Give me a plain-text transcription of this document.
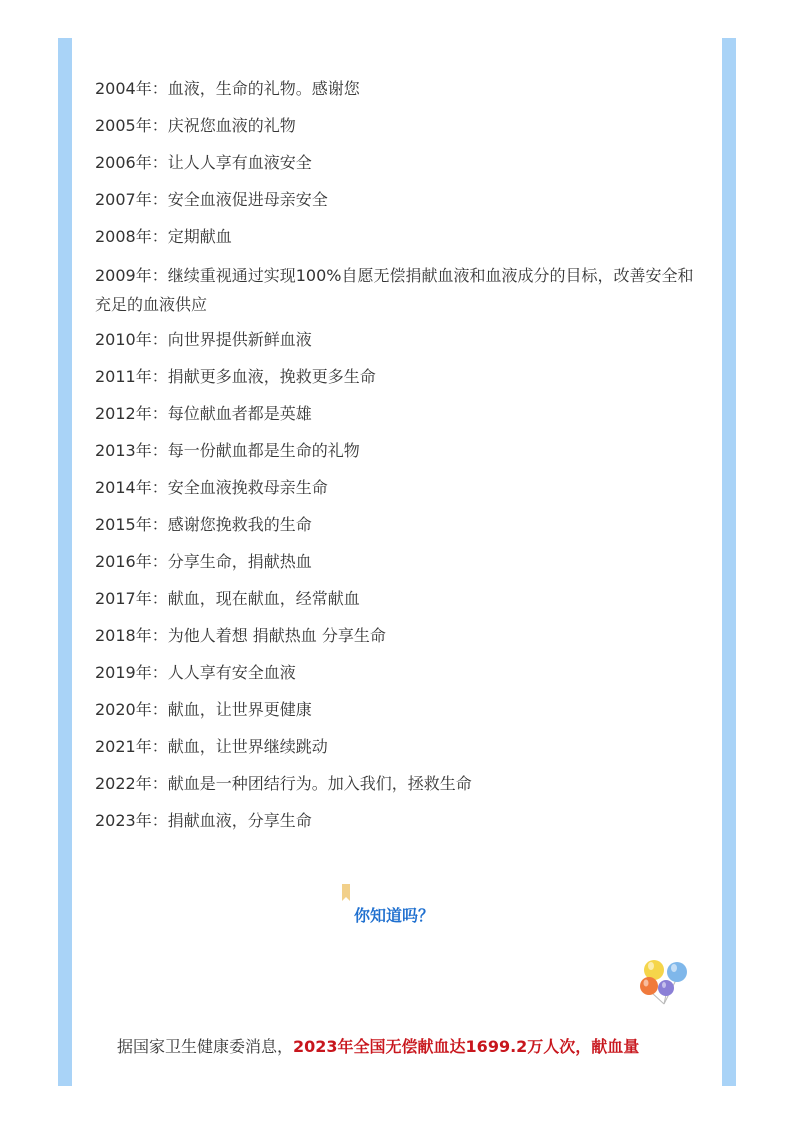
2004年：血液，生命的礼物。感谢您
2005年：庆祝您血液的礼物
2006年：让人人享有血液安全
2007年：安全血液促进母亲安全
2008年：定期献血
2009年：继续重视通过实现100%自愿无偿捐献血液和血液成分的目标，改善安全和充足的血液供应
2010年：向世界提供新鲜血液
2011年：捐献更多血液，挽救更多生命
2012年：每位献血者都是英雄
2013年：每一份献血都是生命的礼物
2014年：安全血液挽救母亲生命
2015年：感谢您挽救我的生命
2016年：分享生命，捐献热血
2017年：献血，现在献血，经常献血
2018年：为他人着想 捐献热血 分享生命
2019年：人人享有安全血液
2020年：献血，让世界更健康
2021年：献血，让世界继续跳动
2022年：献血是一种团结行为。加入我们，拯救生命
2023年：捐献血液，分享生命
你知道吗？
据国家卫生健康委消息，2023年全国无偿献血达1699.2万人次，献血量
